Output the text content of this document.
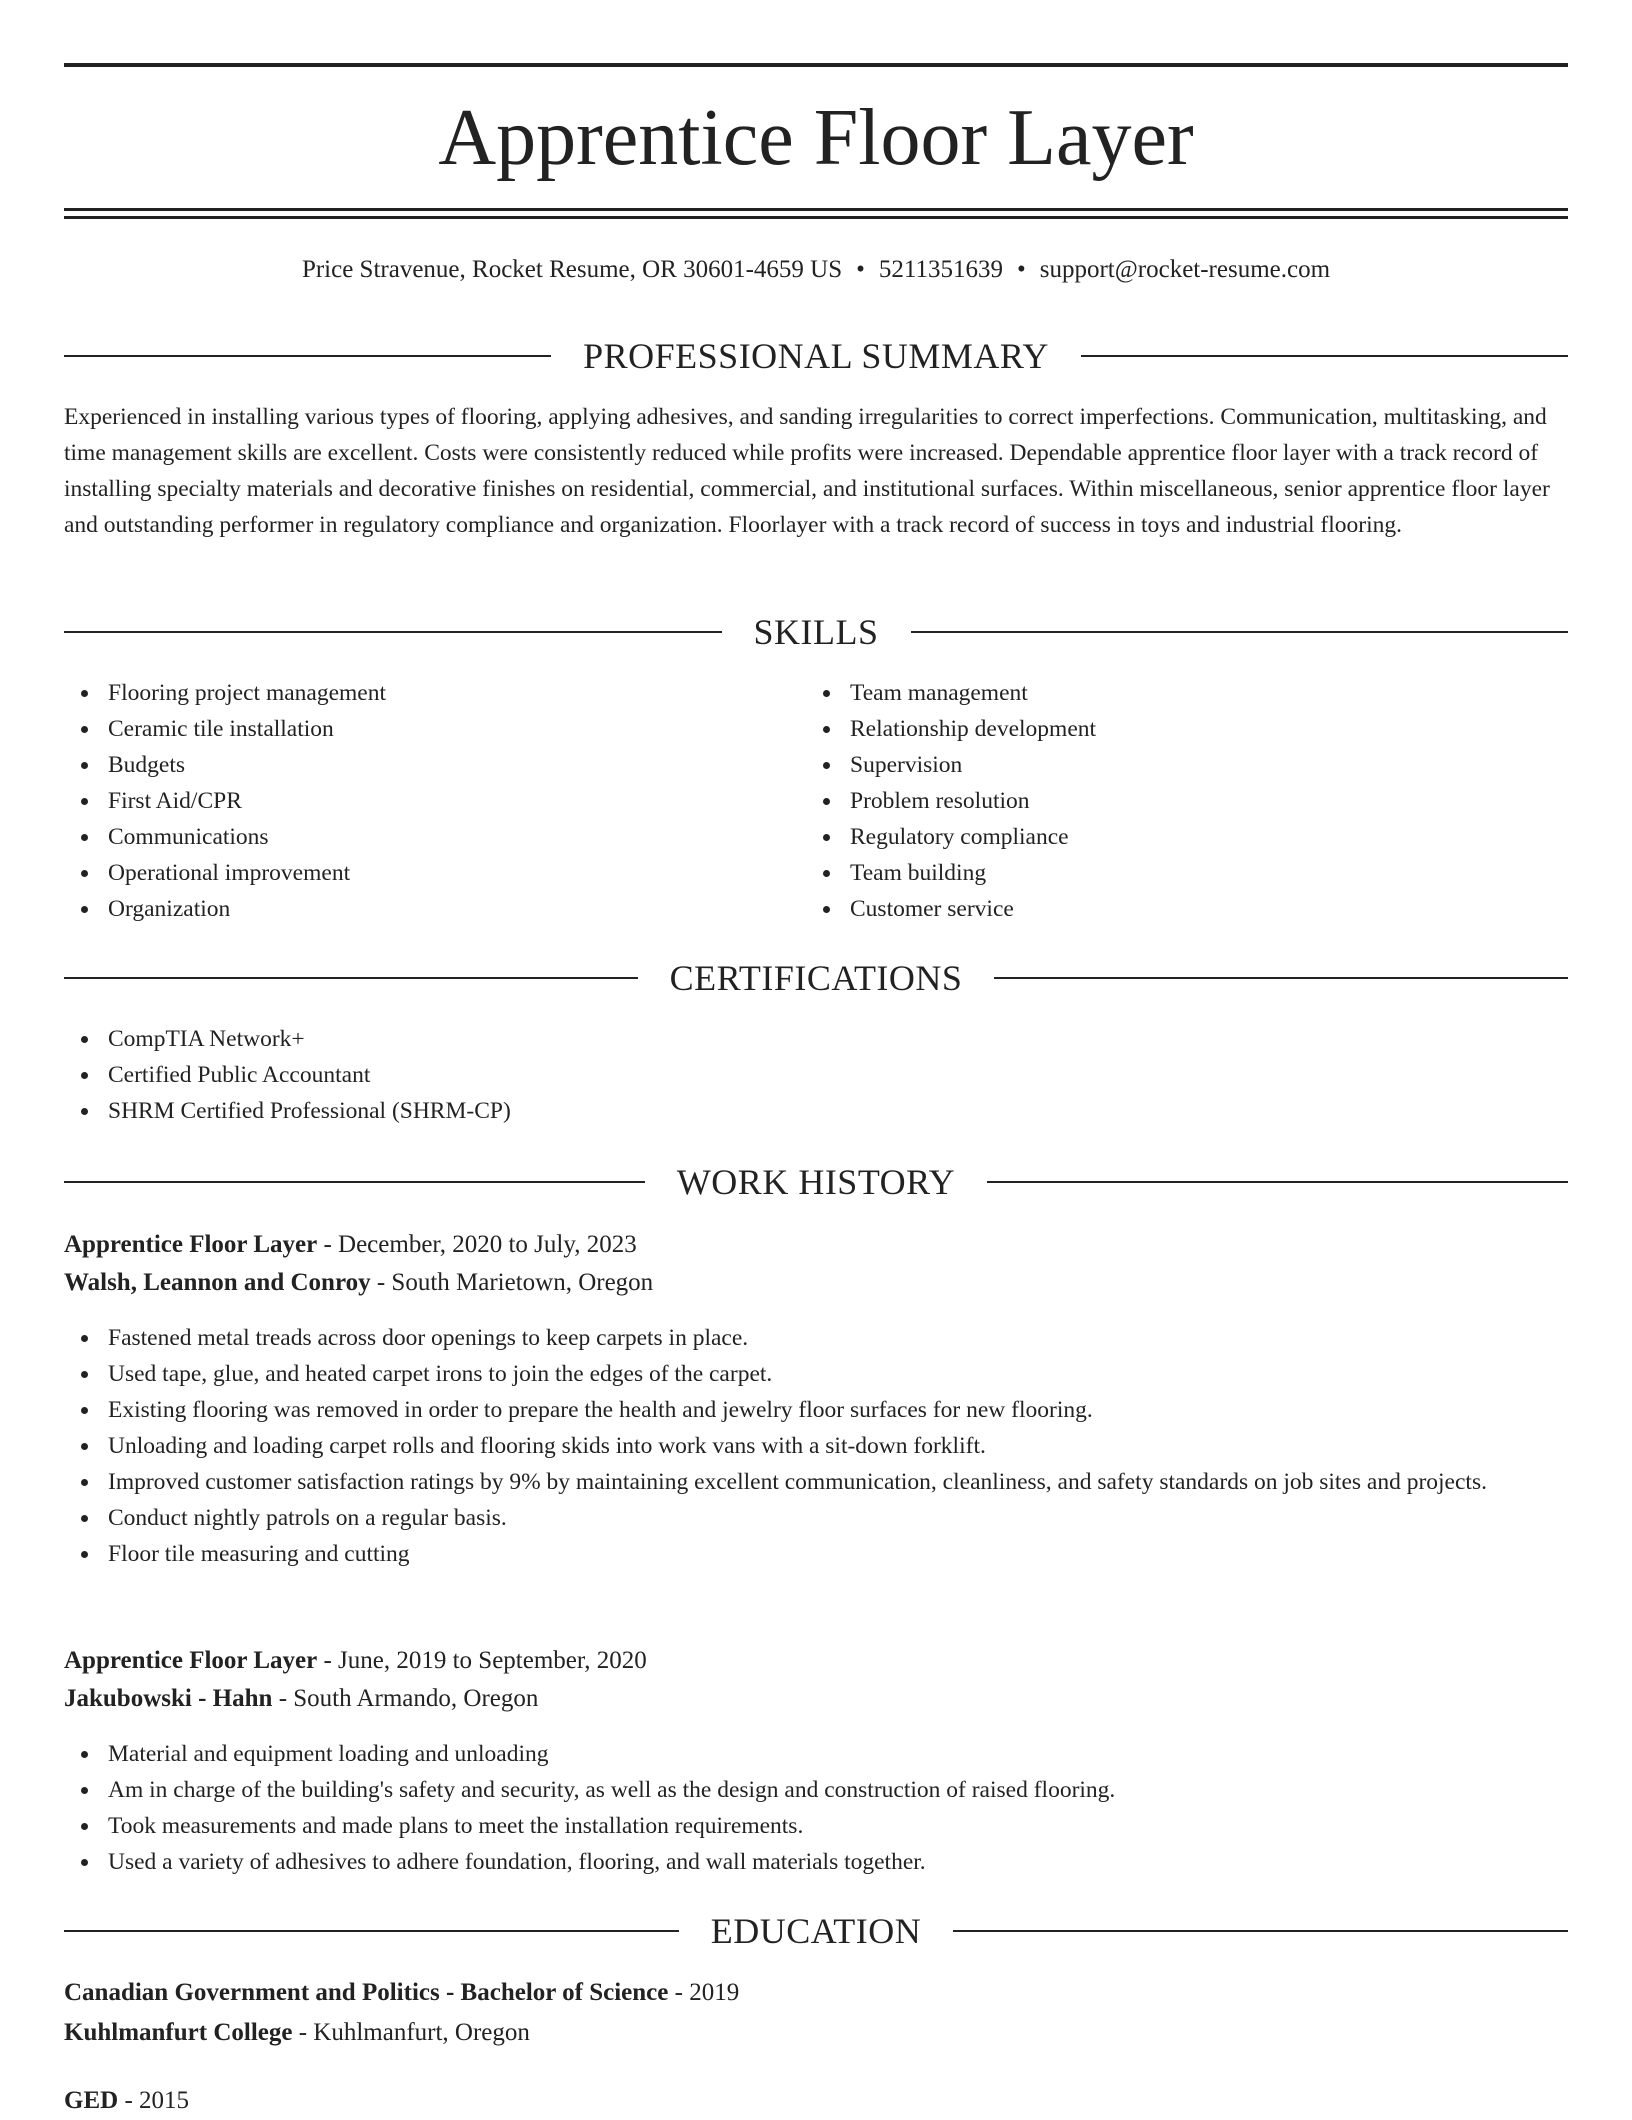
Apprentice Floor Layer
Price Stravenue, Rocket Resume, OR 30601-4659 US • 5211351639 • support@rocket-resume.com
PROFESSIONAL SUMMARY

Experienced in installing various types of flooring, applying adhesives, and sanding irregularities to correct imperfections. Communication, multitasking, and time management skills are excellent. Costs were consistently reduced while profits were increased. Dependable apprentice floor layer with a track record of installing specialty materials and decorative finishes on residential, commercial, and institutional surfaces. Within miscellaneous, senior apprentice floor layer and outstanding performer in regulatory compliance and organization. Floorlayer with a track record of success in toys and industrial flooring.

SKILLS
Flooring project management
Ceramic tile installation
Budgets
First Aid/CPR
Communications
Operational improvement
Organization
Team management
Relationship development
Supervision
Problem resolution
Regulatory compliance
Team building
Customer service
CERTIFICATIONS
CompTIA Network+
Certified Public Accountant
SHRM Certified Professional (SHRM-CP)
WORK HISTORY
Apprentice Floor Layer - December, 2020 to July, 2023
Walsh, Leannon and Conroy - South Marietown, Oregon
Fastened metal treads across door openings to keep carpets in place.
Used tape, glue, and heated carpet irons to join the edges of the carpet.
Existing flooring was removed in order to prepare the health and jewelry floor surfaces for new flooring.
Unloading and loading carpet rolls and flooring skids into work vans with a sit-down forklift.
Improved customer satisfaction ratings by 9% by maintaining excellent communication, cleanliness, and safety standards on job sites and projects.
Conduct nightly patrols on a regular basis.
Floor tile measuring and cutting
Apprentice Floor Layer - June, 2019 to September, 2020
Jakubowski - Hahn - South Armando, Oregon
Material and equipment loading and unloading
Am in charge of the building's safety and security, as well as the design and construction of raised flooring.
Took measurements and made plans to meet the installation requirements.
Used a variety of adhesives to adhere foundation, flooring, and wall materials together.
EDUCATION
Canadian Government and Politics - Bachelor of Science - 2019
Kuhlmanfurt College - Kuhlmanfurt, Oregon
GED - 2015
